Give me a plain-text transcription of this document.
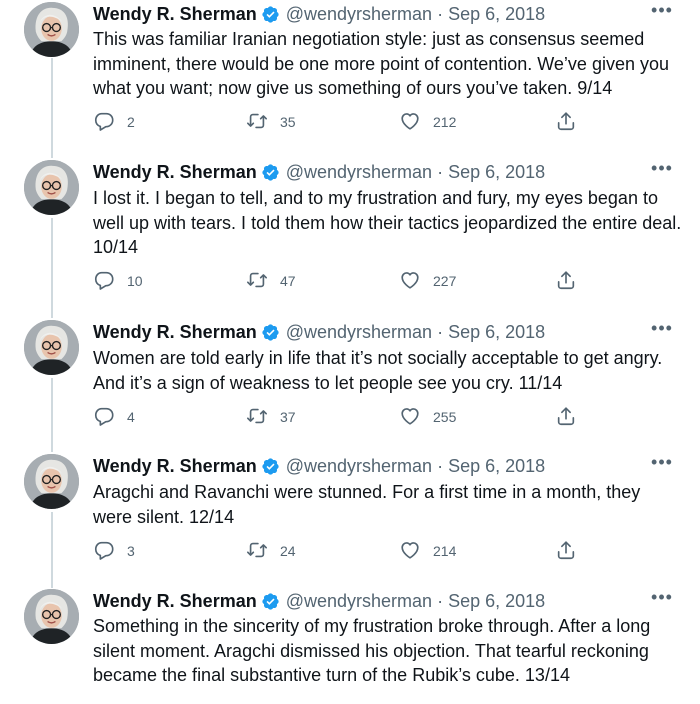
Wendy R. Sherman @wendyrsherman · Sep 6, 2018	•••
This was familiar Iranian negotiation style: just as consensus seemed imminent, there would be one more point of contention. We’ve given you what you want; now give us something of ours you’ve taken. 9/14
2	35	212
Wendy R. Sherman @wendyrsherman · Sep 6, 2018	•••
I lost it. I began to tell, and to my frustration and fury, my eyes began to well up with tears. I told them how their tactics jeopardized the entire deal. 10/14
10	47	227
Wendy R. Sherman @wendyrsherman · Sep 6, 2018	•••
Women are told early in life that it’s not socially acceptable to get angry. And it’s a sign of weakness to let people see you cry. 11/14
4	37	255
Wendy R. Sherman @wendyrsherman · Sep 6, 2018	•••
Aragchi and Ravanchi were stunned. For a first time in a month, they were silent. 12/14
3	24	214
Wendy R. Sherman @wendyrsherman · Sep 6, 2018	•••
Something in the sincerity of my frustration broke through. After a long silent moment. Aragchi dismissed his objection. That tearful reckoning became the final substantive turn of the Rubik’s cube. 13/14
